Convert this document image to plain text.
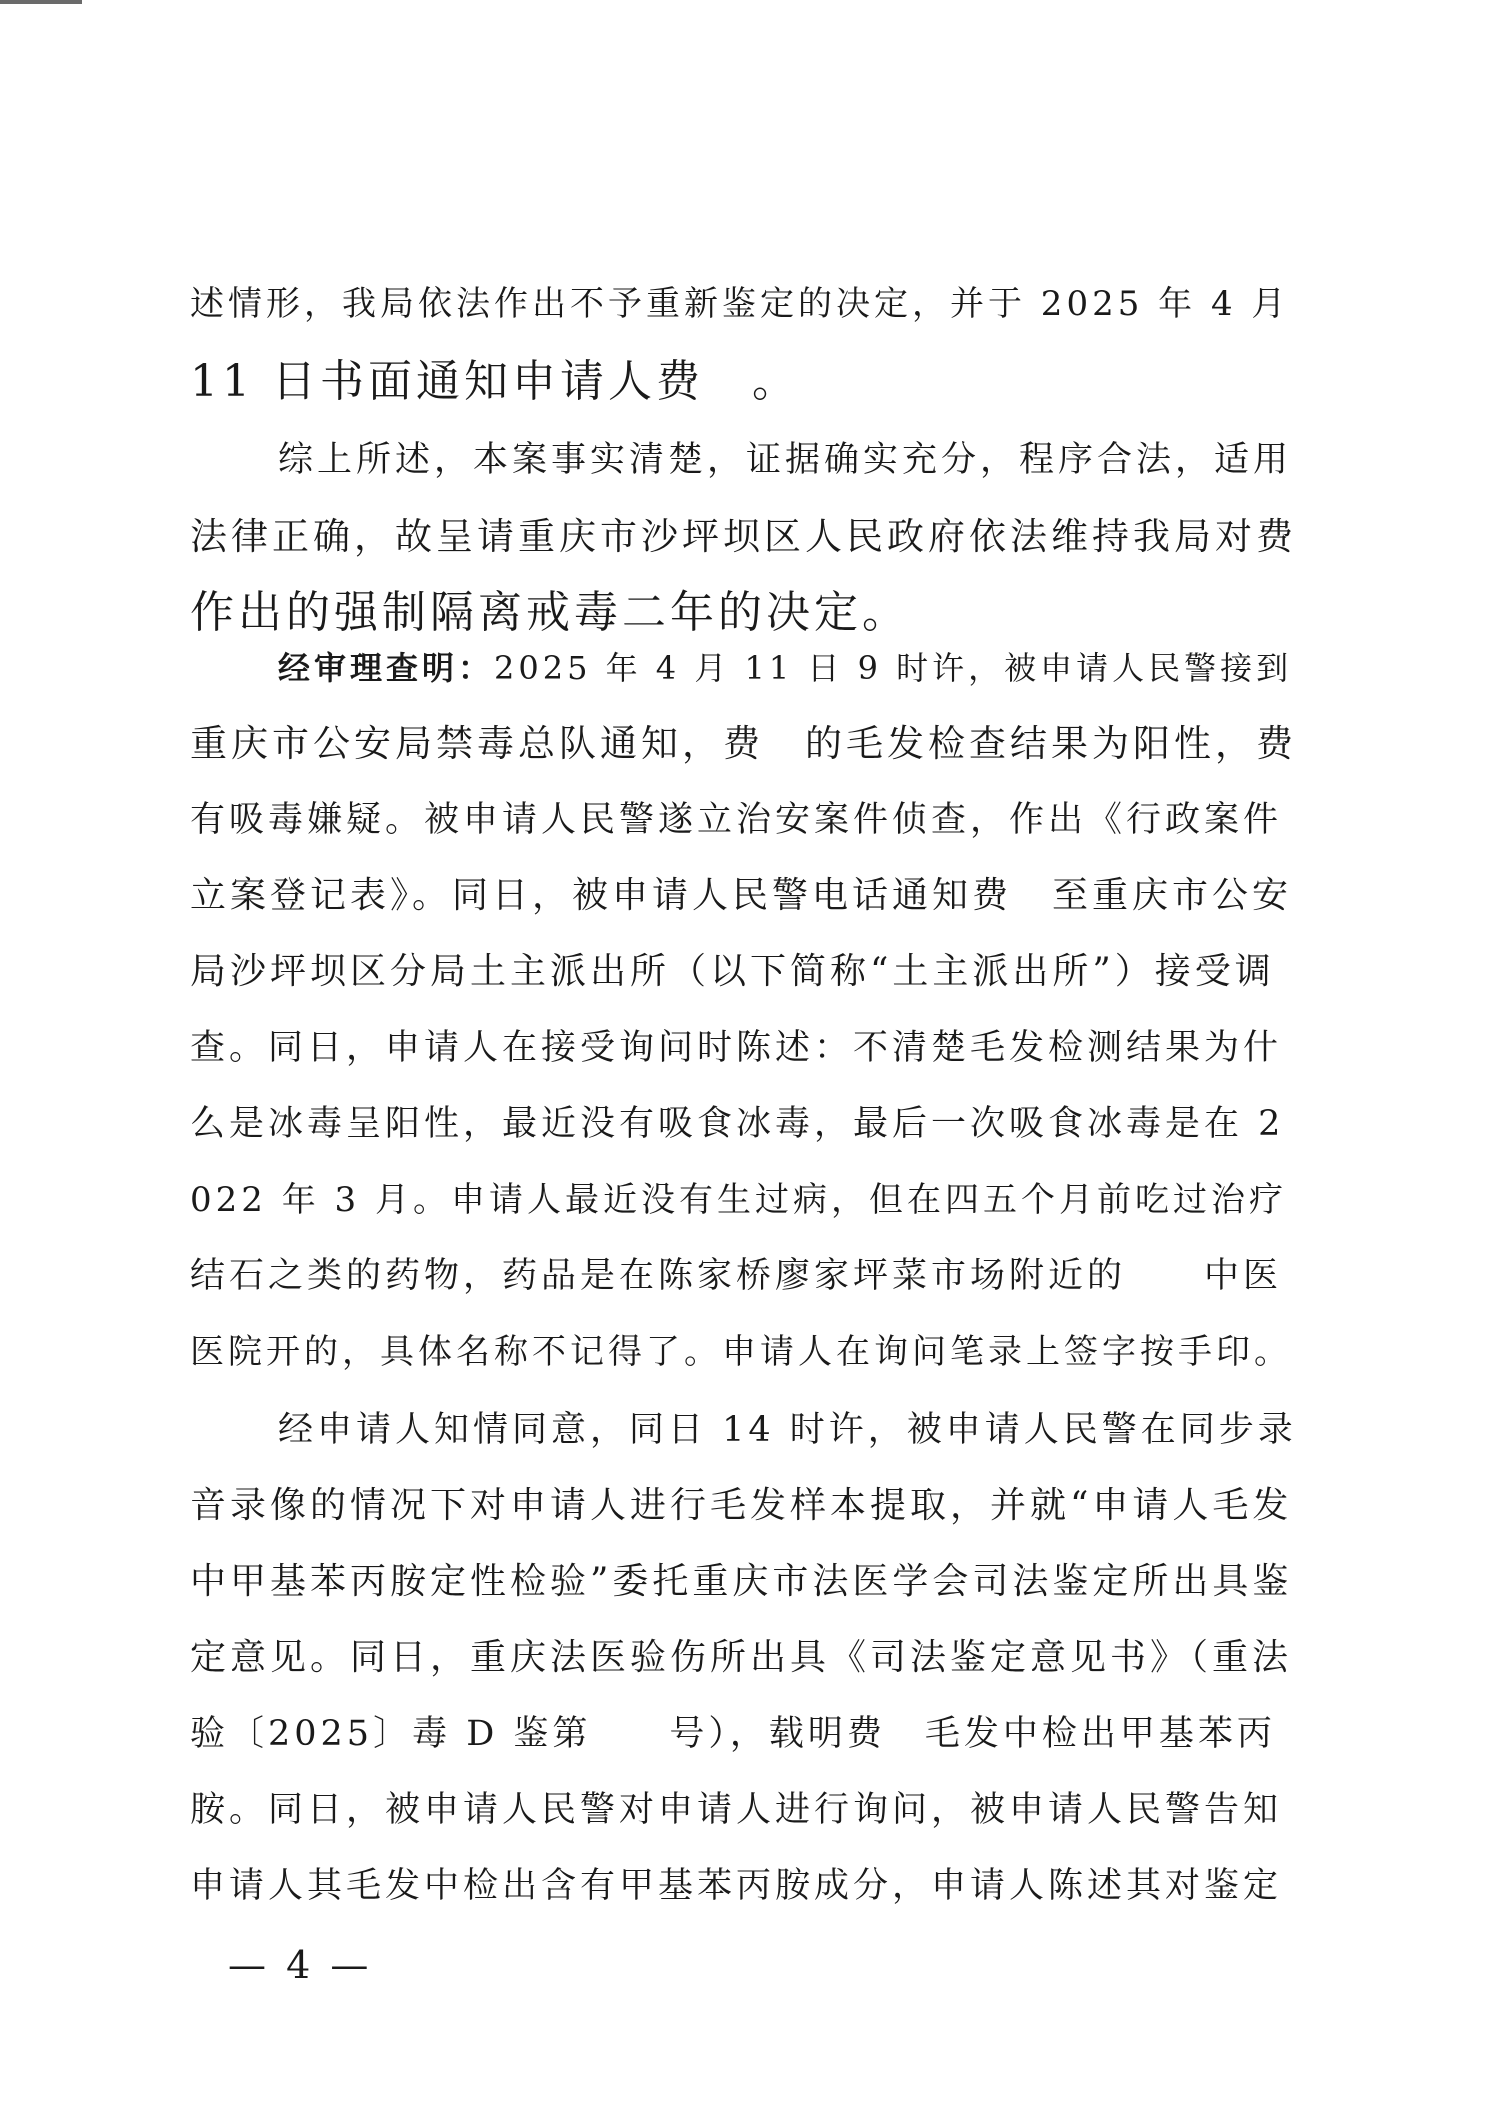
述情形，我局依法作出不予重新鉴定的决定，并于 2025 年 4 月
11 日书面通知申请人费　。
综上所述，本案事实清楚，证据确实充分，程序合法，适用
法律正确，故呈请重庆市沙坪坝区人民政府依法维持我局对费
作出的强制隔离戒毒二年的决定。
经审理查明：2025 年 4 月 11 日 9 时许，被申请人民警接到
重庆市公安局禁毒总队通知，费　的毛发检查结果为阳性，费
有吸毒嫌疑。被申请人民警遂立治安案件侦查，作出《行政案件
立案登记表》。同日，被申请人民警电话通知费　至重庆市公安
局沙坪坝区分局土主派出所（以下简称“土主派出所”）接受调
查。同日，申请人在接受询问时陈述：不清楚毛发检测结果为什
么是冰毒呈阳性，最近没有吸食冰毒，最后一次吸食冰毒是在 2
022 年 3 月。申请人最近没有生过病，但在四五个月前吃过治疗
结石之类的药物，药品是在陈家桥廖家坪菜市场附近的　　中医
医院开的，具体名称不记得了。申请人在询问笔录上签字按手印。
经申请人知情同意，同日 14 时许，被申请人民警在同步录
音录像的情况下对申请人进行毛发样本提取，并就“申请人毛发
中甲基苯丙胺定性检验”委托重庆市法医学会司法鉴定所出具鉴
定意见。同日，重庆法医验伤所出具《司法鉴定意见书》（重法
验〔2025〕毒 D 鉴第　　号），载明费　毛发中检出甲基苯丙
胺。同日，被申请人民警对申请人进行询问，被申请人民警告知
申请人其毛发中检出含有甲基苯丙胺成分，申请人陈述其对鉴定
— 4 —
